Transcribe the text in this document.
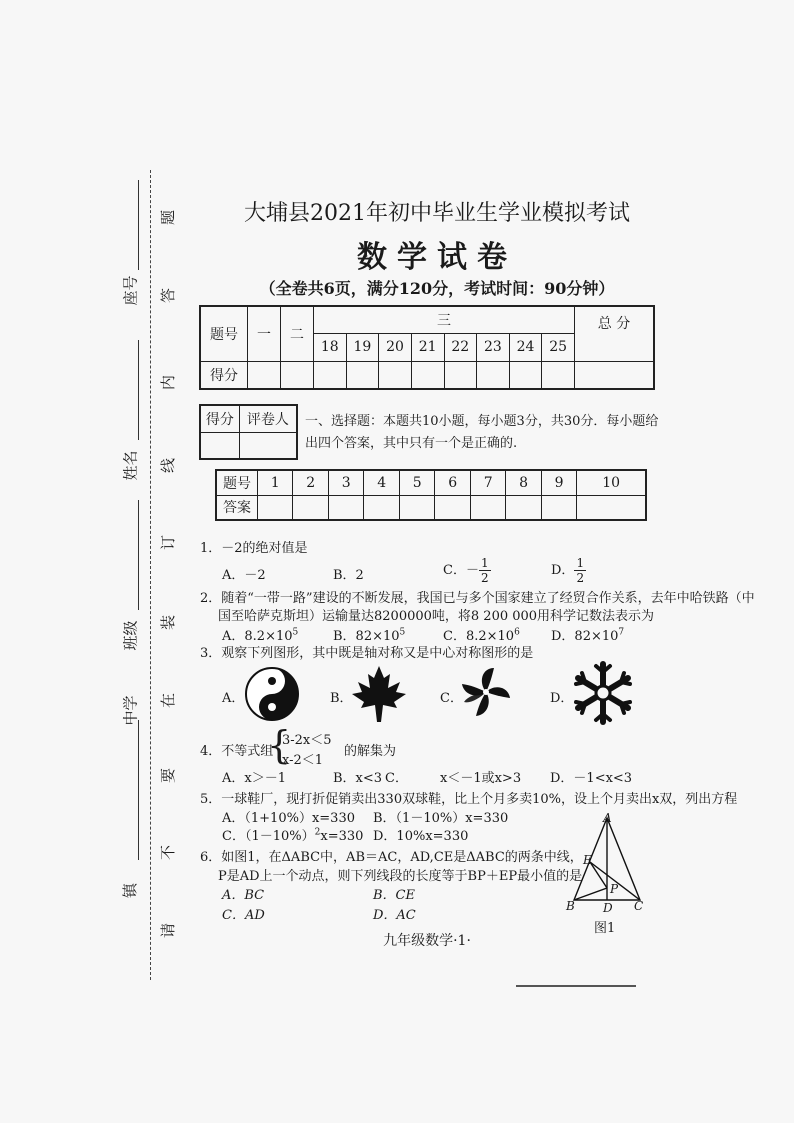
座号
姓名
班级
中学
镇
题
答
内
线
订
装
在
要
不
请
大埔县2021年初中毕业生学业模拟考试
数学试卷
（全卷共6页，满分120分，考试时间：90分钟）
题号	一	二	三								总 分
			18	19	20	21	22	23	24	25	
得分											
得分	评卷人
	一、选择题：本题共10小题，每小题3分，共30分．每小题给出四个答案，其中只有一个是正确的.
题号	1	2	3	4	5	6	7	8	9	10
答案										
1．－2的绝对值是
A．－2	B．2	C．－ $\frac{1}{2}$	D． $\frac{1}{2}$
2．随着“一带一路”建设的不断发展，我国已与多个国家建立了经贸合作关系，去年中哈铁路（中
国至哈萨克斯坦）运输量达8200000吨，将8 200 000用科学记数法表示为
A．$8.2\times 10^5$	B．$82\times 10^5$	C．$8.2\times 10^6$ D．$82\times 10^7$
3．观察下列图形，其中既是轴对称又是中心对称图形的是
A．	B．	C．	D．
4．不等式组
{
3-2x＜5
x-2＜1
的解集为
A．x＞－1	B．x<3 C． x＜－1或x>3 D．－1<x<3
5．一球鞋厂，现打折促销卖出330双球鞋，比上个月多卖10%，设上个月卖出x双，列出方程
A．（1+10%）x=330 B．（1－10%）x=330
C．$(1-10\%)^2x=330$ D．10%x=330
6．如图1，在ΔABC中，AB＝AC，AD,CE是ΔABC的两条中线，
P是AD上一个动点，则下列线段的长度等于BP＋EP最小值的是
A．BC	B．CE
C．AD	D．AC
A
E
P
B D C
图1
九年级数学·1·
